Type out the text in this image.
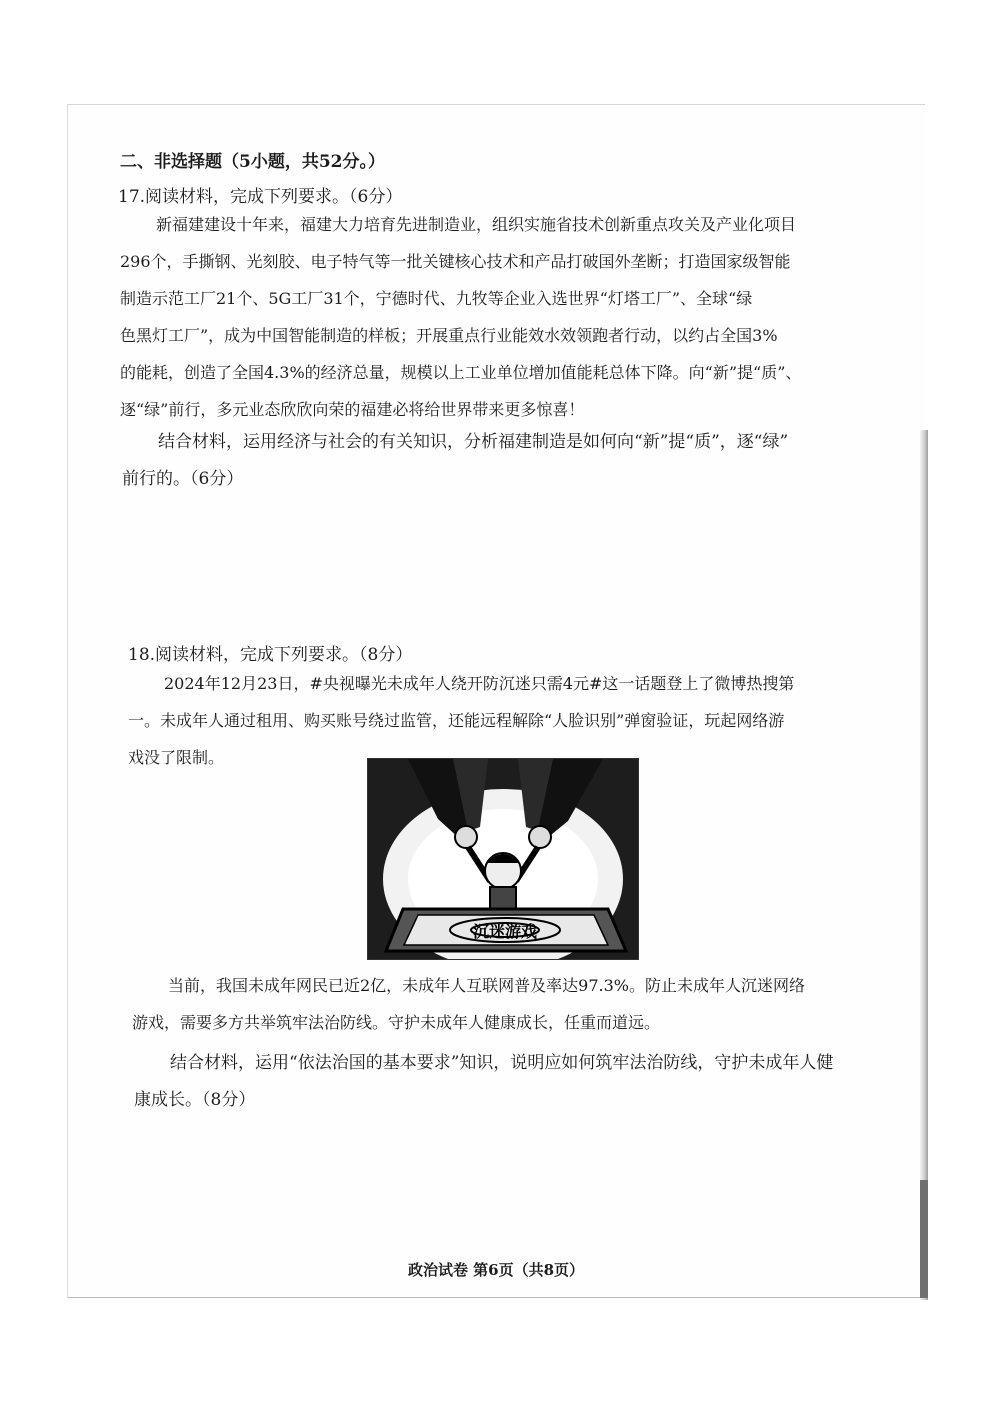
二、非选择题（5小题，共52分。）
17.阅读材料，完成下列要求。（6分）
新福建建设十年来，福建大力培育先进制造业，组织实施省技术创新重点攻关及产业化项目
296个，手撕钢、光刻胶、电子特气等一批关键核心技术和产品打破国外垄断；打造国家级智能
制造示范工厂21个、5G工厂31个，宁德时代、九牧等企业入选世界“灯塔工厂”、全球“绿
色黑灯工厂”，成为中国智能制造的样板；开展重点行业能效水效领跑者行动，以约占全国3%
的能耗，创造了全国4.3%的经济总量，规模以上工业单位增加值能耗总体下降。向“新”提“质”、
逐“绿”前行，多元业态欣欣向荣的福建必将给世界带来更多惊喜！
结合材料，运用经济与社会的有关知识，分析福建制造是如何向“新”提“质”，逐“绿”
前行的。（6分）
18.阅读材料，完成下列要求。（8分）
2024年12月23日，#央视曝光未成年人绕开防沉迷只需4元#这一话题登上了微博热搜第
一。未成年人通过租用、购买账号绕过监管，还能远程解除“人脸识别”弹窗验证，玩起网络游
戏没了限制。
沉迷游戏
当前，我国未成年网民已近2亿，未成年人互联网普及率达97.3%。防止未成年人沉迷网络
游戏，需要多方共举筑牢法治防线。守护未成年人健康成长，任重而道远。
结合材料，运用“依法治国的基本要求”知识，说明应如何筑牢法治防线，守护未成年人健
康成长。（8分）
政治试卷 第6页（共8页）
